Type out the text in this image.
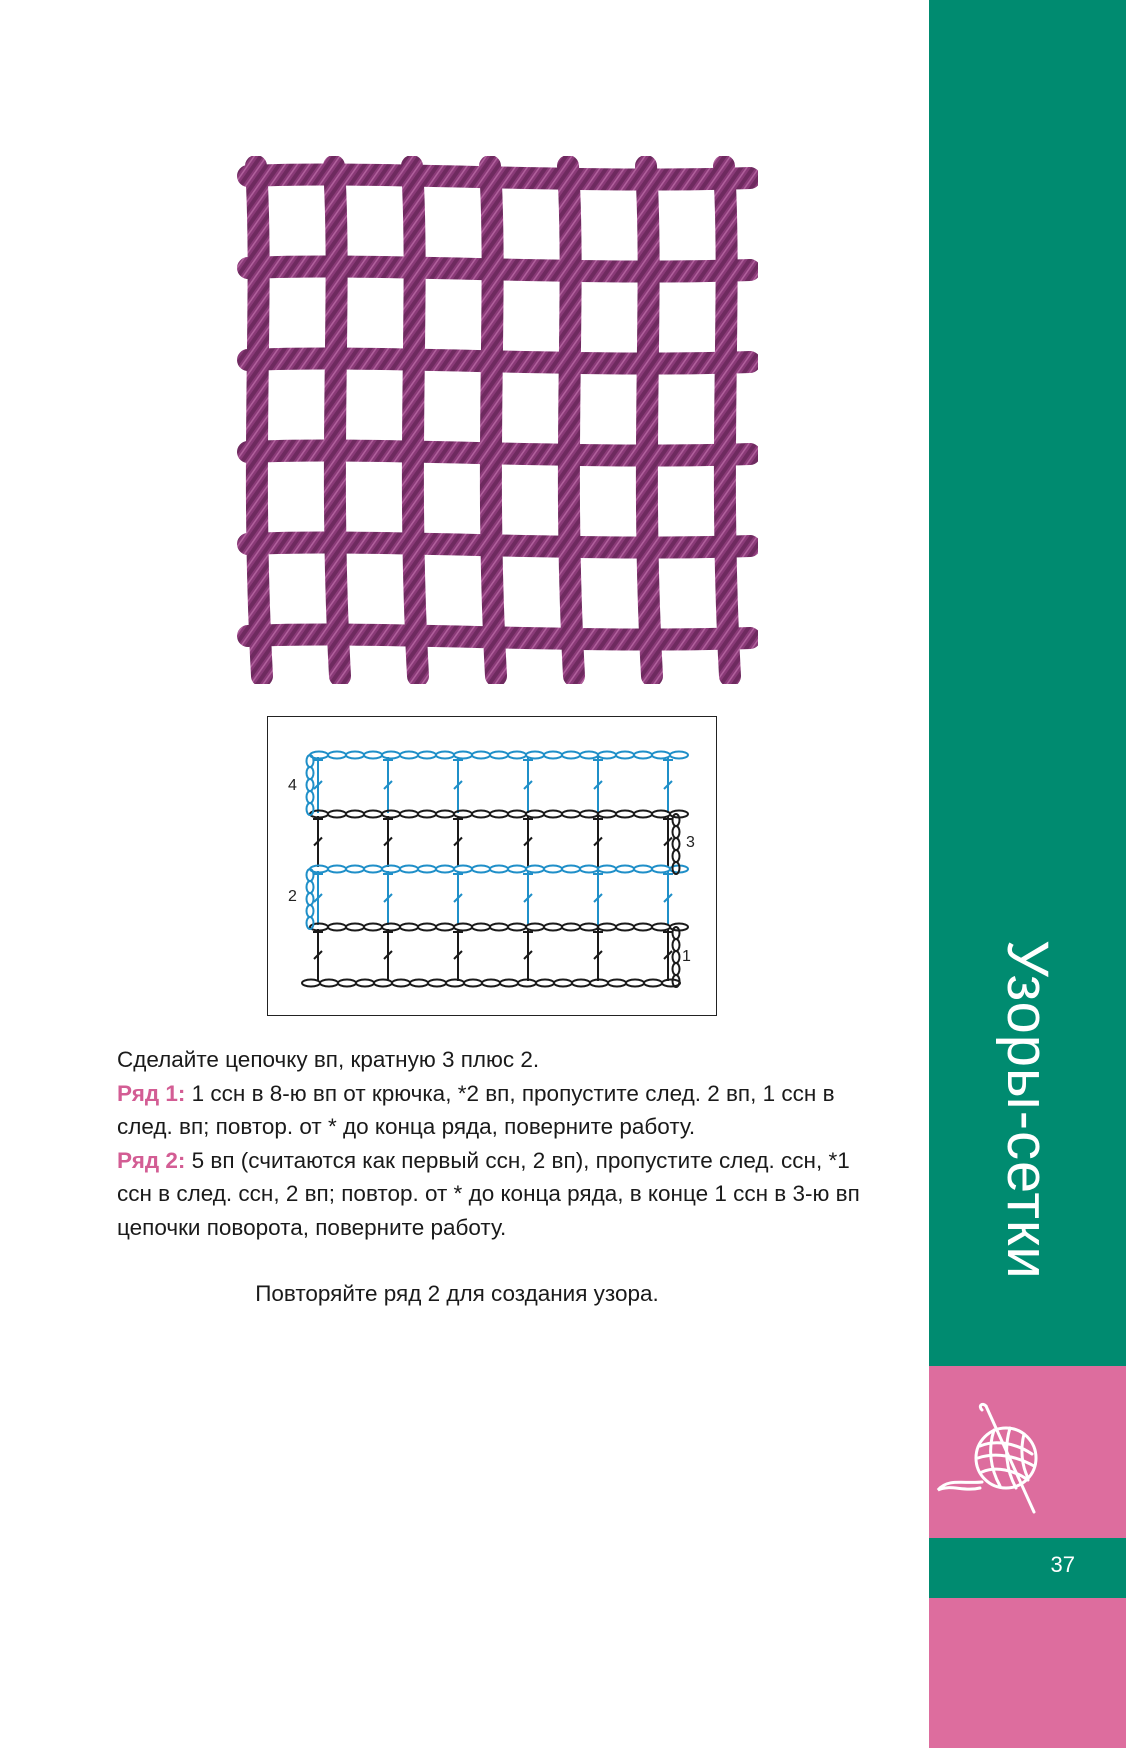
4
3
2
1

Сделайте цепочку вп, кратную 3 плюс 2.

Ряд 1: 1 ссн в 8-ю вп от крючка, *2 вп, пропустите след. 2 вп, 1 ссн в след. вп; повтор. от * до конца ряда, поверните работу.

Ряд 2: 5 вп (считаются как первый ссн, 2 вп), пропустите след. ссн, *1 ссн в след. ссн, 2 вп; повтор. от * до конца ряда, в конце 1 ссн в 3-ю вп цепочки поворота, поверните работу.

Повторяйте ряд 2 для создания узора.
Узоры-сетки
37
